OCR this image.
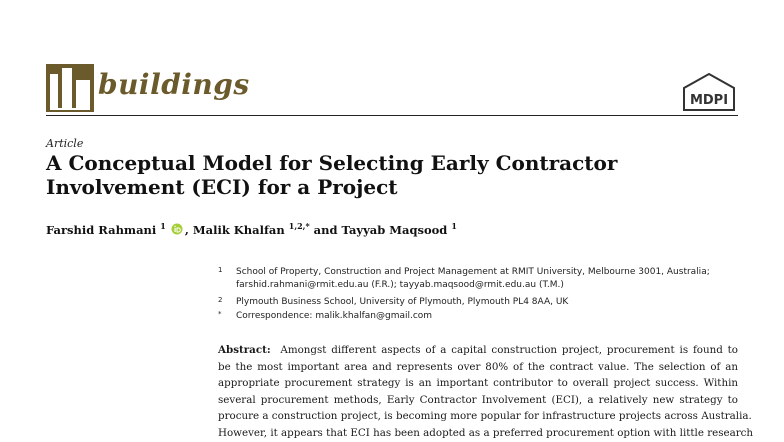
buildings	MDPI
Article
A Conceptual Model for Selecting Early Contractor
Involvement (ECI) for a Project
Farshid Rahmani $^1$ , Malik Khalfan $^{1,2,*}$ and Tayyab Maqsood $^1$
1 School of Property, Construction and Project Management at RMIT University, Melbourne 3001, Australia;
farshid.rahmani@rmit.edu.au (F.R.); tayyab.maqsood@rmit.edu.au (T.M.)
2 Plymouth Business School, University of Plymouth, Plymouth PL4 8AA, UK
* Correspondence: malik.khalfan@gmail.com
Abstract: Amongst different aspects of a capital construction project, procurement is found to
be the most important area and represents over 80% of the contract value. The selection of an
appropriate procurement strategy is an important contributor to overall project success. Within
several procurement methods, Early Contractor Involvement (ECI), a relatively new strategy to
procure a construction project, is becoming more popular for infrastructure projects across Australia.
However, it appears that ECI has been adopted as a preferred procurement option with little research
